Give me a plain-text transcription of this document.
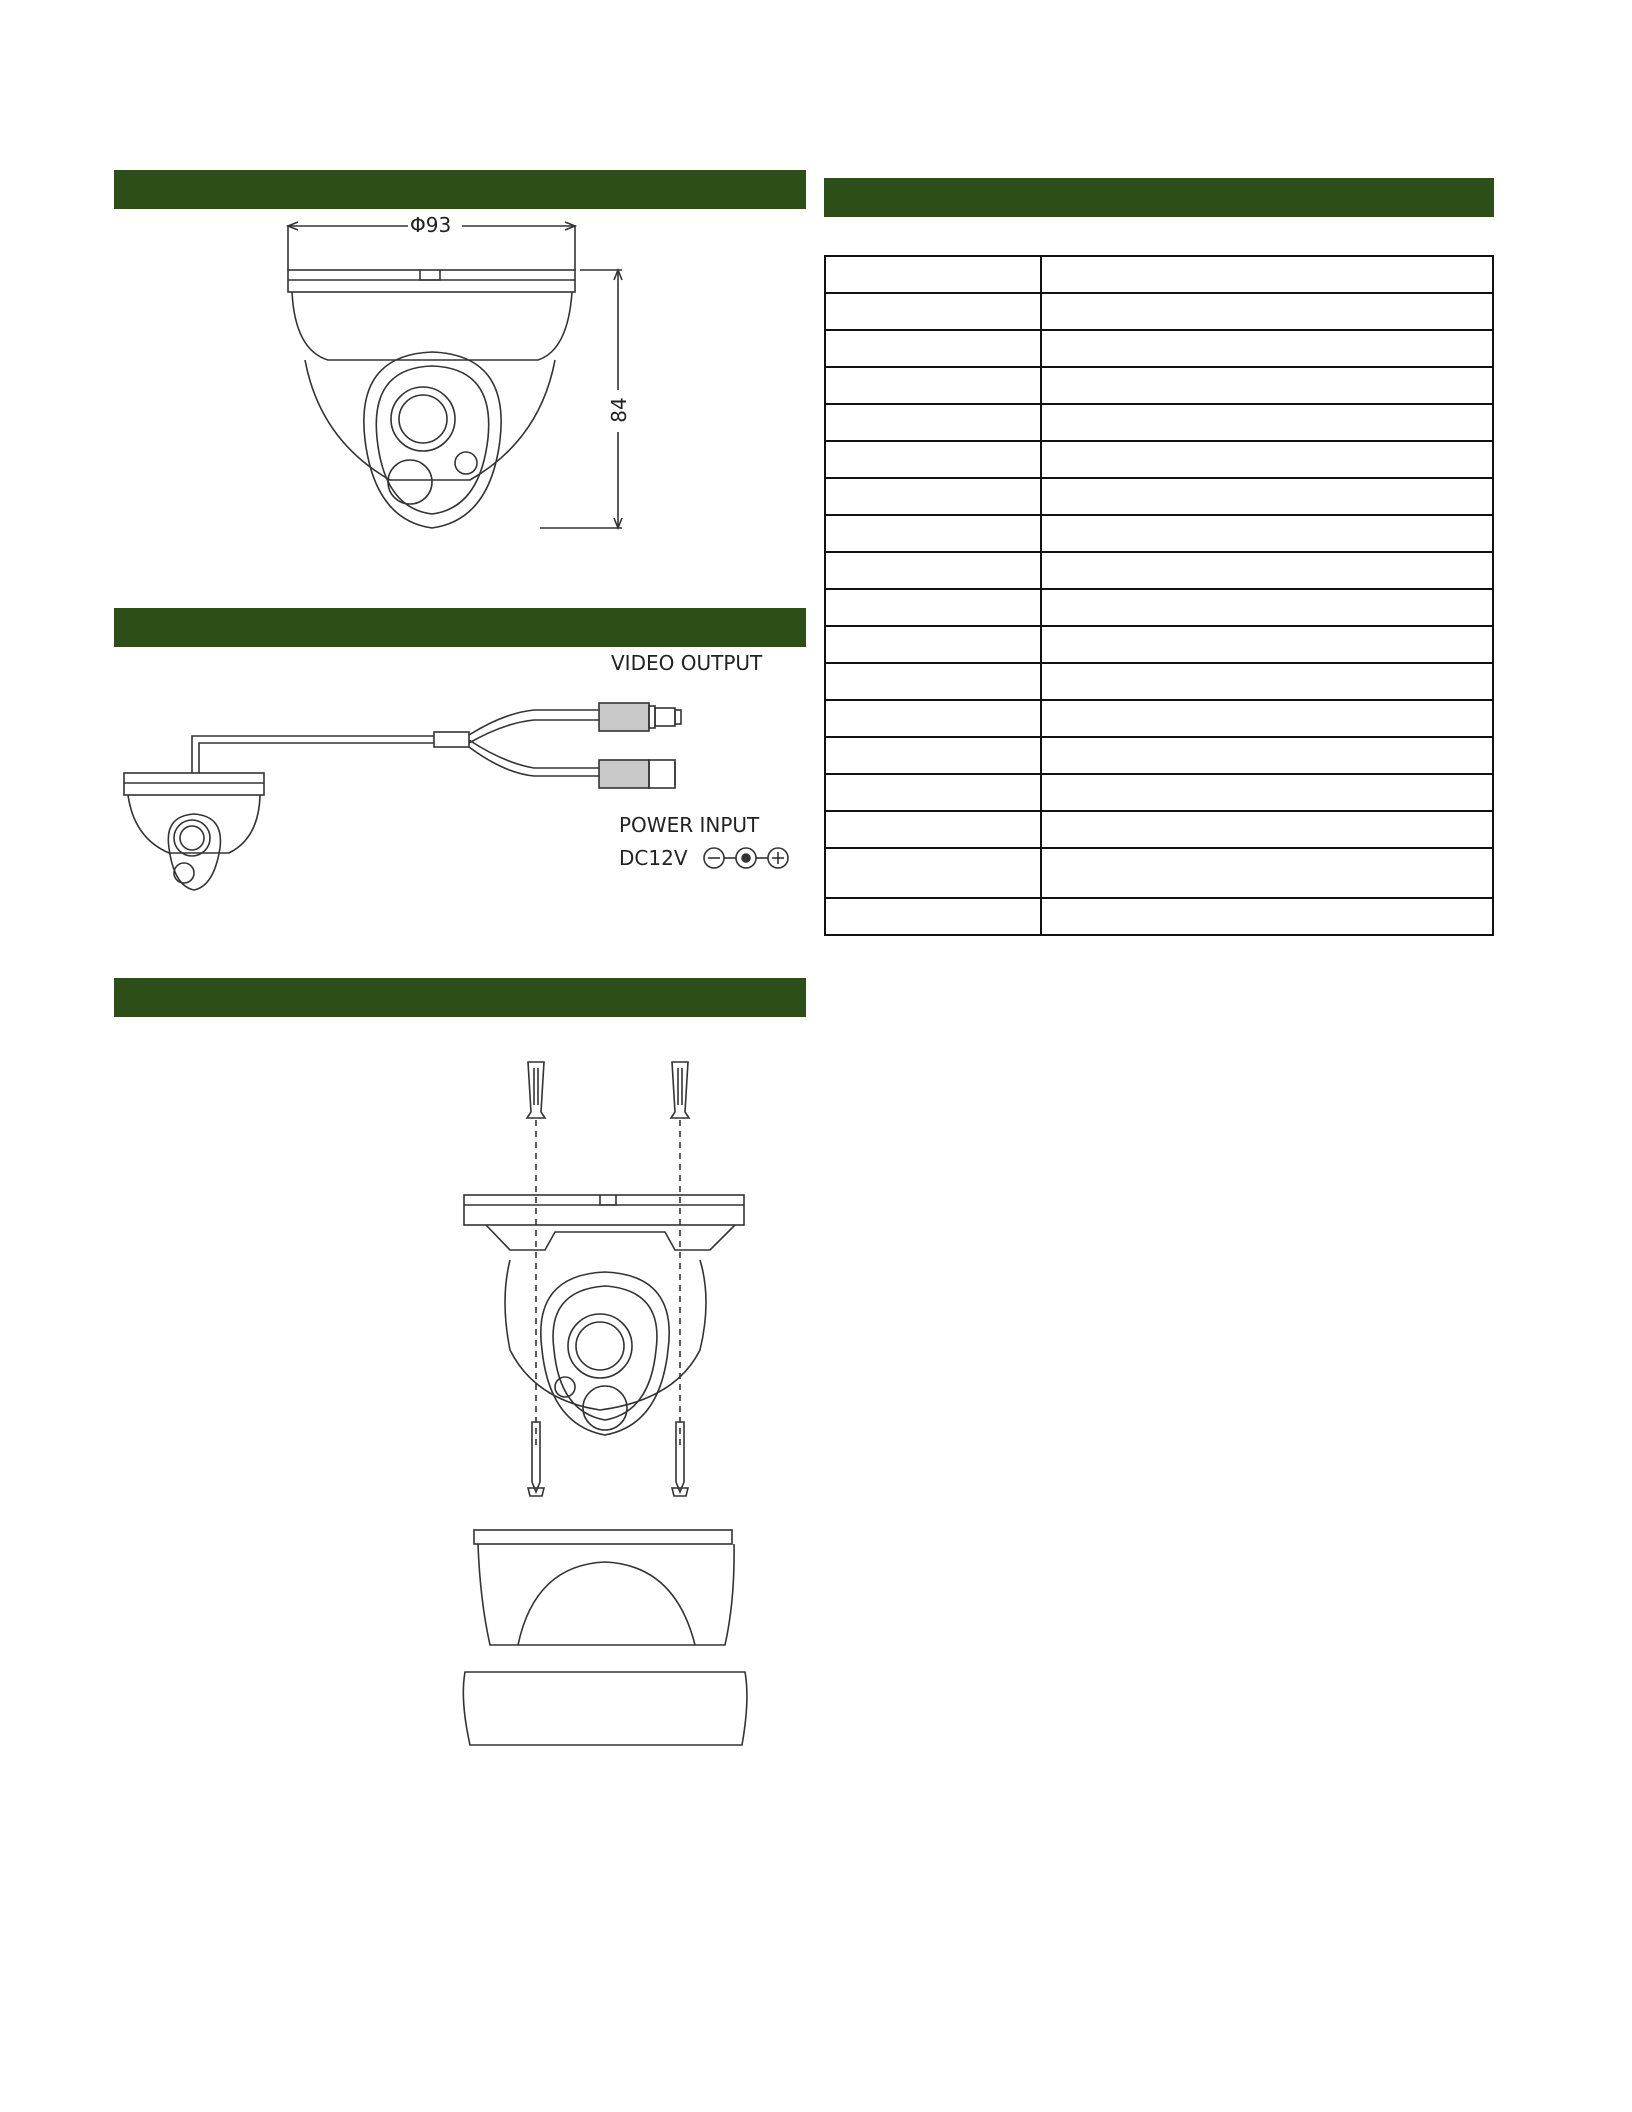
Φ93
84
VIDEO OUTPUT
POWER INPUT
DC12V
